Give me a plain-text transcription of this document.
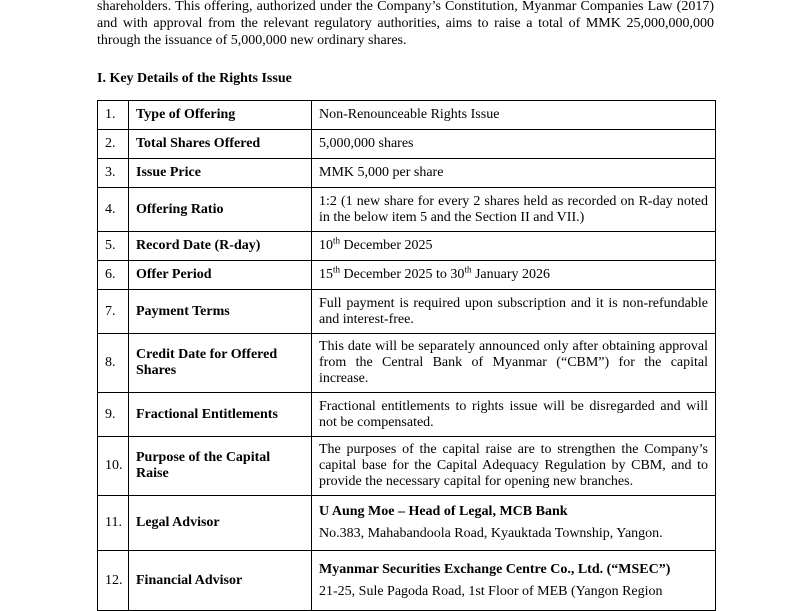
shareholders. This offering, authorized under the Company’s Constitution, Myanmar Companies Law (2017) and with approval from the relevant regulatory authorities, aims to raise a total of MMK 25,000,000,000 through the issuance of 5,000,000 new ordinary shares.

I. Key Details of the Rights Issue

1.	Type of Offering	Non-Renounceable Rights Issue
2.	Total Shares Offered	5,000,000 shares
3.	Issue Price	MMK 5,000 per share
4.	Offering Ratio	1:2 (1 new share for every 2 shares held as recorded on R-day noted in the below item 5 and the Section II and VII.)
5.	Record Date (R-day)	10th December 2025
6.	Offer Period	15th December 2025 to 30th January 2026
7.	Payment Terms	Full payment is required upon subscription and it is non-refundable and interest-free.
8.	Credit Date for Offered Shares	This date will be separately announced only after obtaining approval from the Central Bank of Myanmar (“CBM”) for the capital increase.
9.	Fractional Entitlements	Fractional entitlements to rights issue will be disregarded and will not be compensated.
10.	Purpose of the Capital Raise	The purposes of the capital raise are to strengthen the Company’s capital base for the Capital Adequacy Regulation by CBM, and to provide the necessary capital for opening new branches.
11.	Legal Advisor	U Aung Moe – Head of Legal, MCB Bank
No.383, Mahabandoola Road, Kyauktada Township, Yangon.

12.	Financial Advisor	Myanmar Securities Exchange Centre Co., Ltd. (“MSEC”)
21-25, Sule Pagoda Road, 1st Floor of MEB (Yangon Region
